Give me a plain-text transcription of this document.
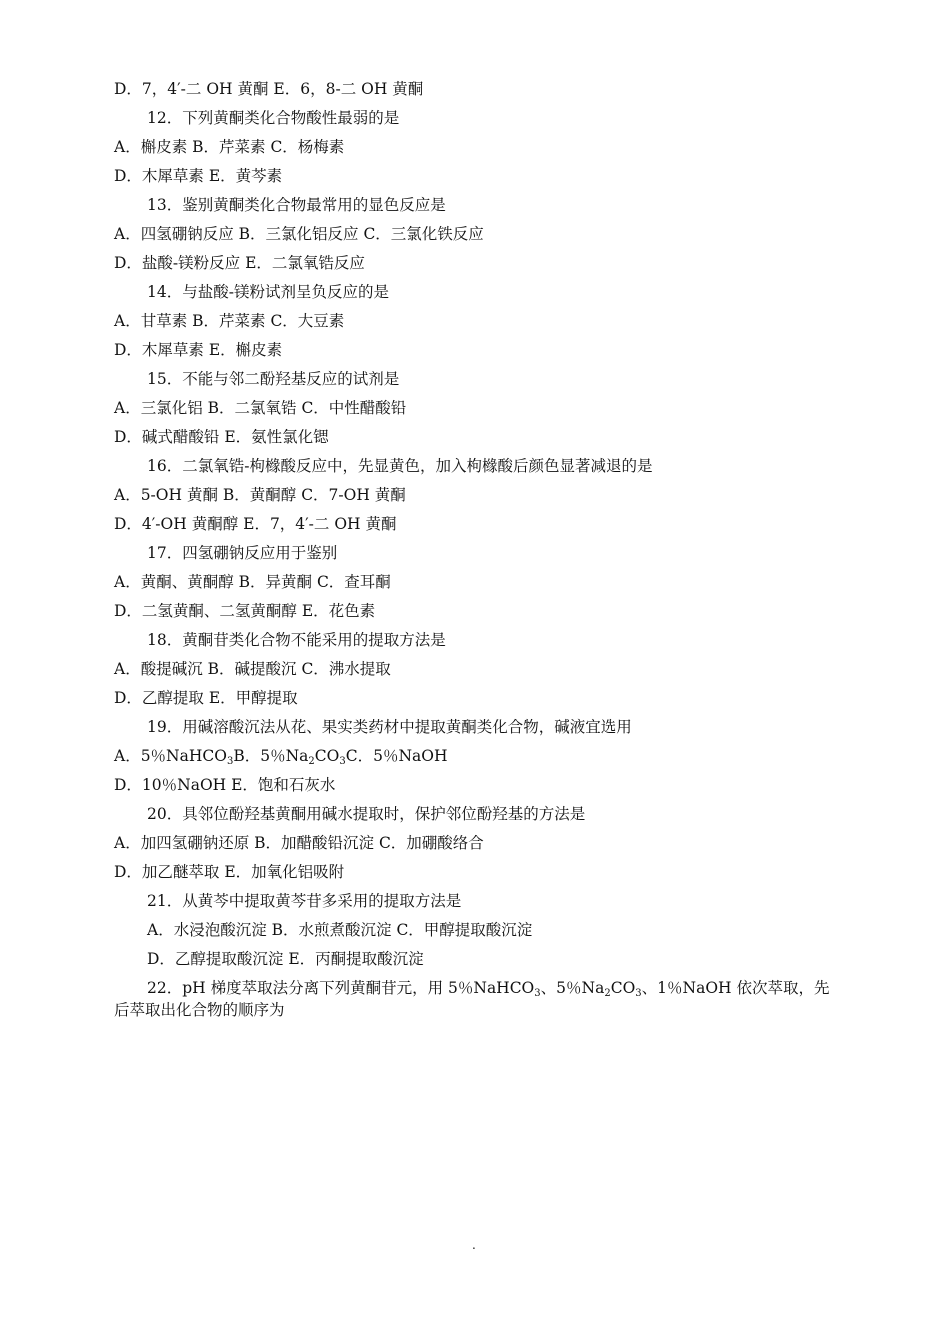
D．7，4′-二 OH 黄酮 E．6，8-二 OH 黄酮
12．下列黄酮类化合物酸性最弱的是
A．槲皮素 B．芹菜素 C．杨梅素
D．木犀草素 E．黄芩素
13．鉴别黄酮类化合物最常用的显色反应是
A．四氢硼钠反应 B．三氯化铝反应 C．三氯化铁反应
D．盐酸-镁粉反应 E．二氯氧锆反应
14．与盐酸-镁粉试剂呈负反应的是
A．甘草素 B．芹菜素 C．大豆素
D．木犀草素 E．槲皮素
15．不能与邻二酚羟基反应的试剂是
A．三氯化铝 B．二氯氧锆 C．中性醋酸铅
D．碱式醋酸铅 E．氨性氯化锶
16．二氯氧锆-枸橼酸反应中，先显黄色，加入枸橼酸后颜色显著减退的是
A．5-OH 黄酮 B．黄酮醇 C．7-OH 黄酮
D．4′-OH 黄酮醇 E．7，4′-二 OH 黄酮
17．四氢硼钠反应用于鉴别
A．黄酮、黄酮醇 B．异黄酮 C．查耳酮
D．二氢黄酮、二氢黄酮醇 E．花色素
18．黄酮苷类化合物不能采用的提取方法是
A．酸提碱沉 B．碱提酸沉 C．沸水提取
D．乙醇提取 E．甲醇提取
19．用碱溶酸沉法从花、果实类药材中提取黄酮类化合物，碱液宜选用
A．5％NaHCO$_3$B．5％$Na_2CO_3C$．5％NaOH
D．10％NaOH E．饱和石灰水
20．具邻位酚羟基黄酮用碱水提取时，保护邻位酚羟基的方法是
A．加四氢硼钠还原 B．加醋酸铅沉淀 C．加硼酸络合
D．加乙醚萃取 E．加氧化铝吸附
21．从黄芩中提取黄芩苷多采用的提取方法是
A．水浸泡酸沉淀 B．水煎煮酸沉淀 C．甲醇提取酸沉淀
D．乙醇提取酸沉淀 E．丙酮提取酸沉淀
22．pH 梯度萃取法分离下列黄酮苷元，用 5％NaHCO$_3$、5％$Na_2CO_3$、1％NaOH 依次萃取，先
后萃取出化合物的顺序为
.
